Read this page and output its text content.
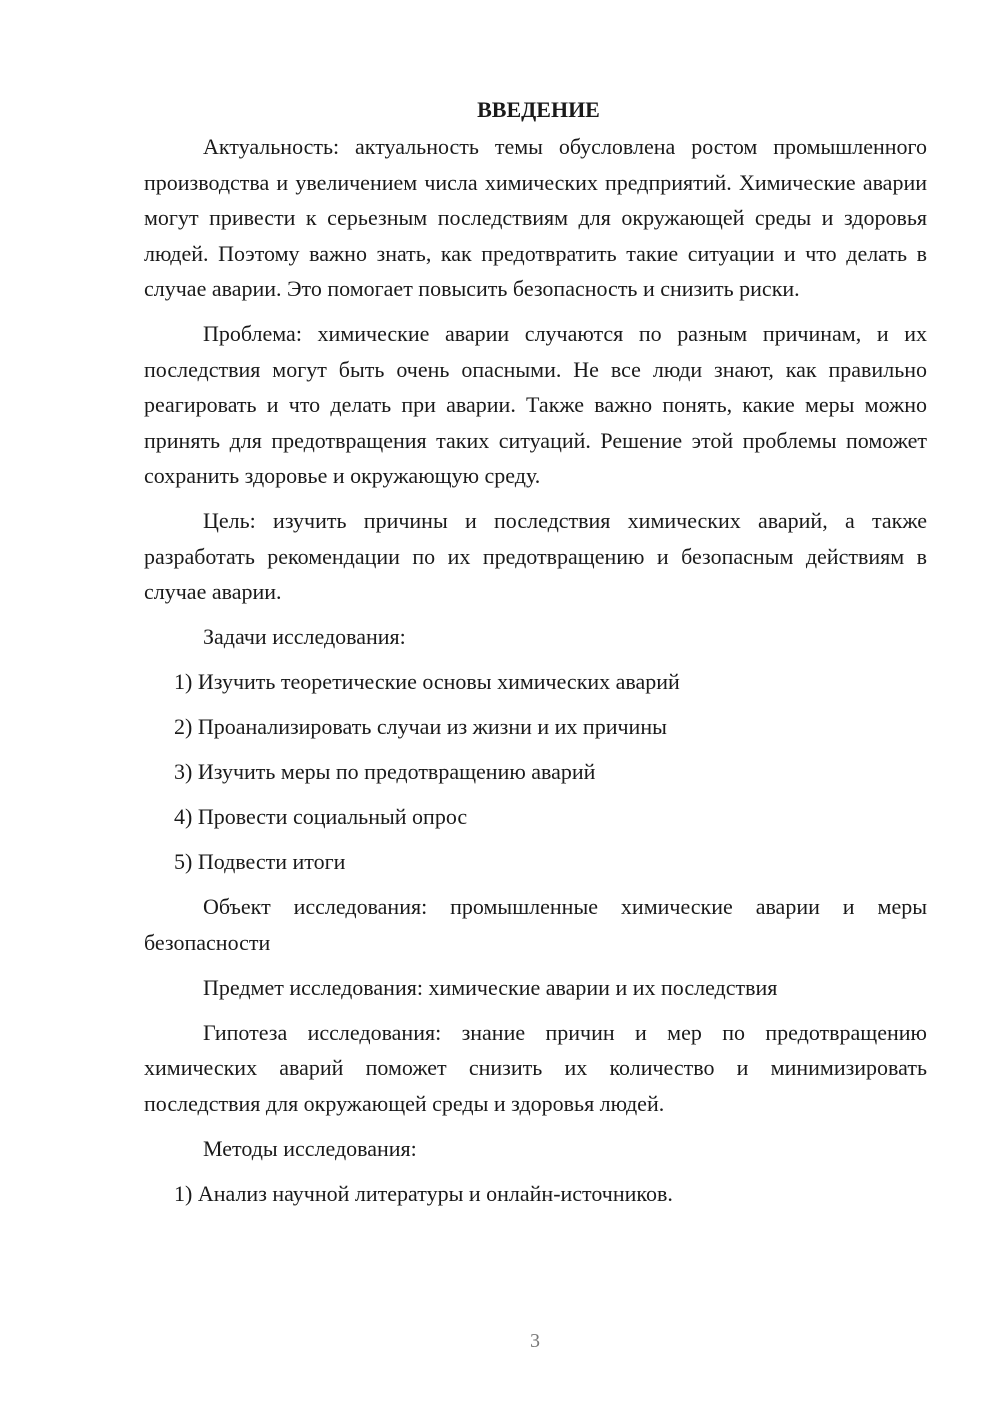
ВВЕДЕНИЕ

Актуальность: актуальность темы обусловлена ростом промышленного производства и увеличением числа химических предприятий. Химические аварии могут привести к серьезным последствиям для окружающей среды и здоровья людей. Поэтому важно знать, как предотвратить такие ситуации и что делать в случае аварии. Это помогает повысить безопасность и снизить риски.

Проблема: химические аварии случаются по разным причинам, и их последствия могут быть очень опасными. Не все люди знают, как правильно реагировать и что делать при аварии. Также важно понять, какие меры можно принять для предотвращения таких ситуаций. Решение этой проблемы поможет сохранить здоровье и окружающую среду.

Цель: изучить причины и последствия химических аварий, а также разработать рекомендации по их предотвращению и безопасным действиям в случае аварии.

Задачи исследования:

1) Изучить теоретические основы химических аварий
2) Проанализировать случаи из жизни и их причины
3) Изучить меры по предотвращению аварий
4) Провести социальный опрос
5) Подвести итоги

Объект исследования: промышленные химические аварии и меры безопасности

Предмет исследования: химические аварии и их последствия

Гипотеза исследования: знание причин и мер по предотвращению химических аварий поможет снизить их количество и минимизировать последствия для окружающей среды и здоровья людей.

Методы исследования:

1) Анализ научной литературы и онлайн-источников.
3
